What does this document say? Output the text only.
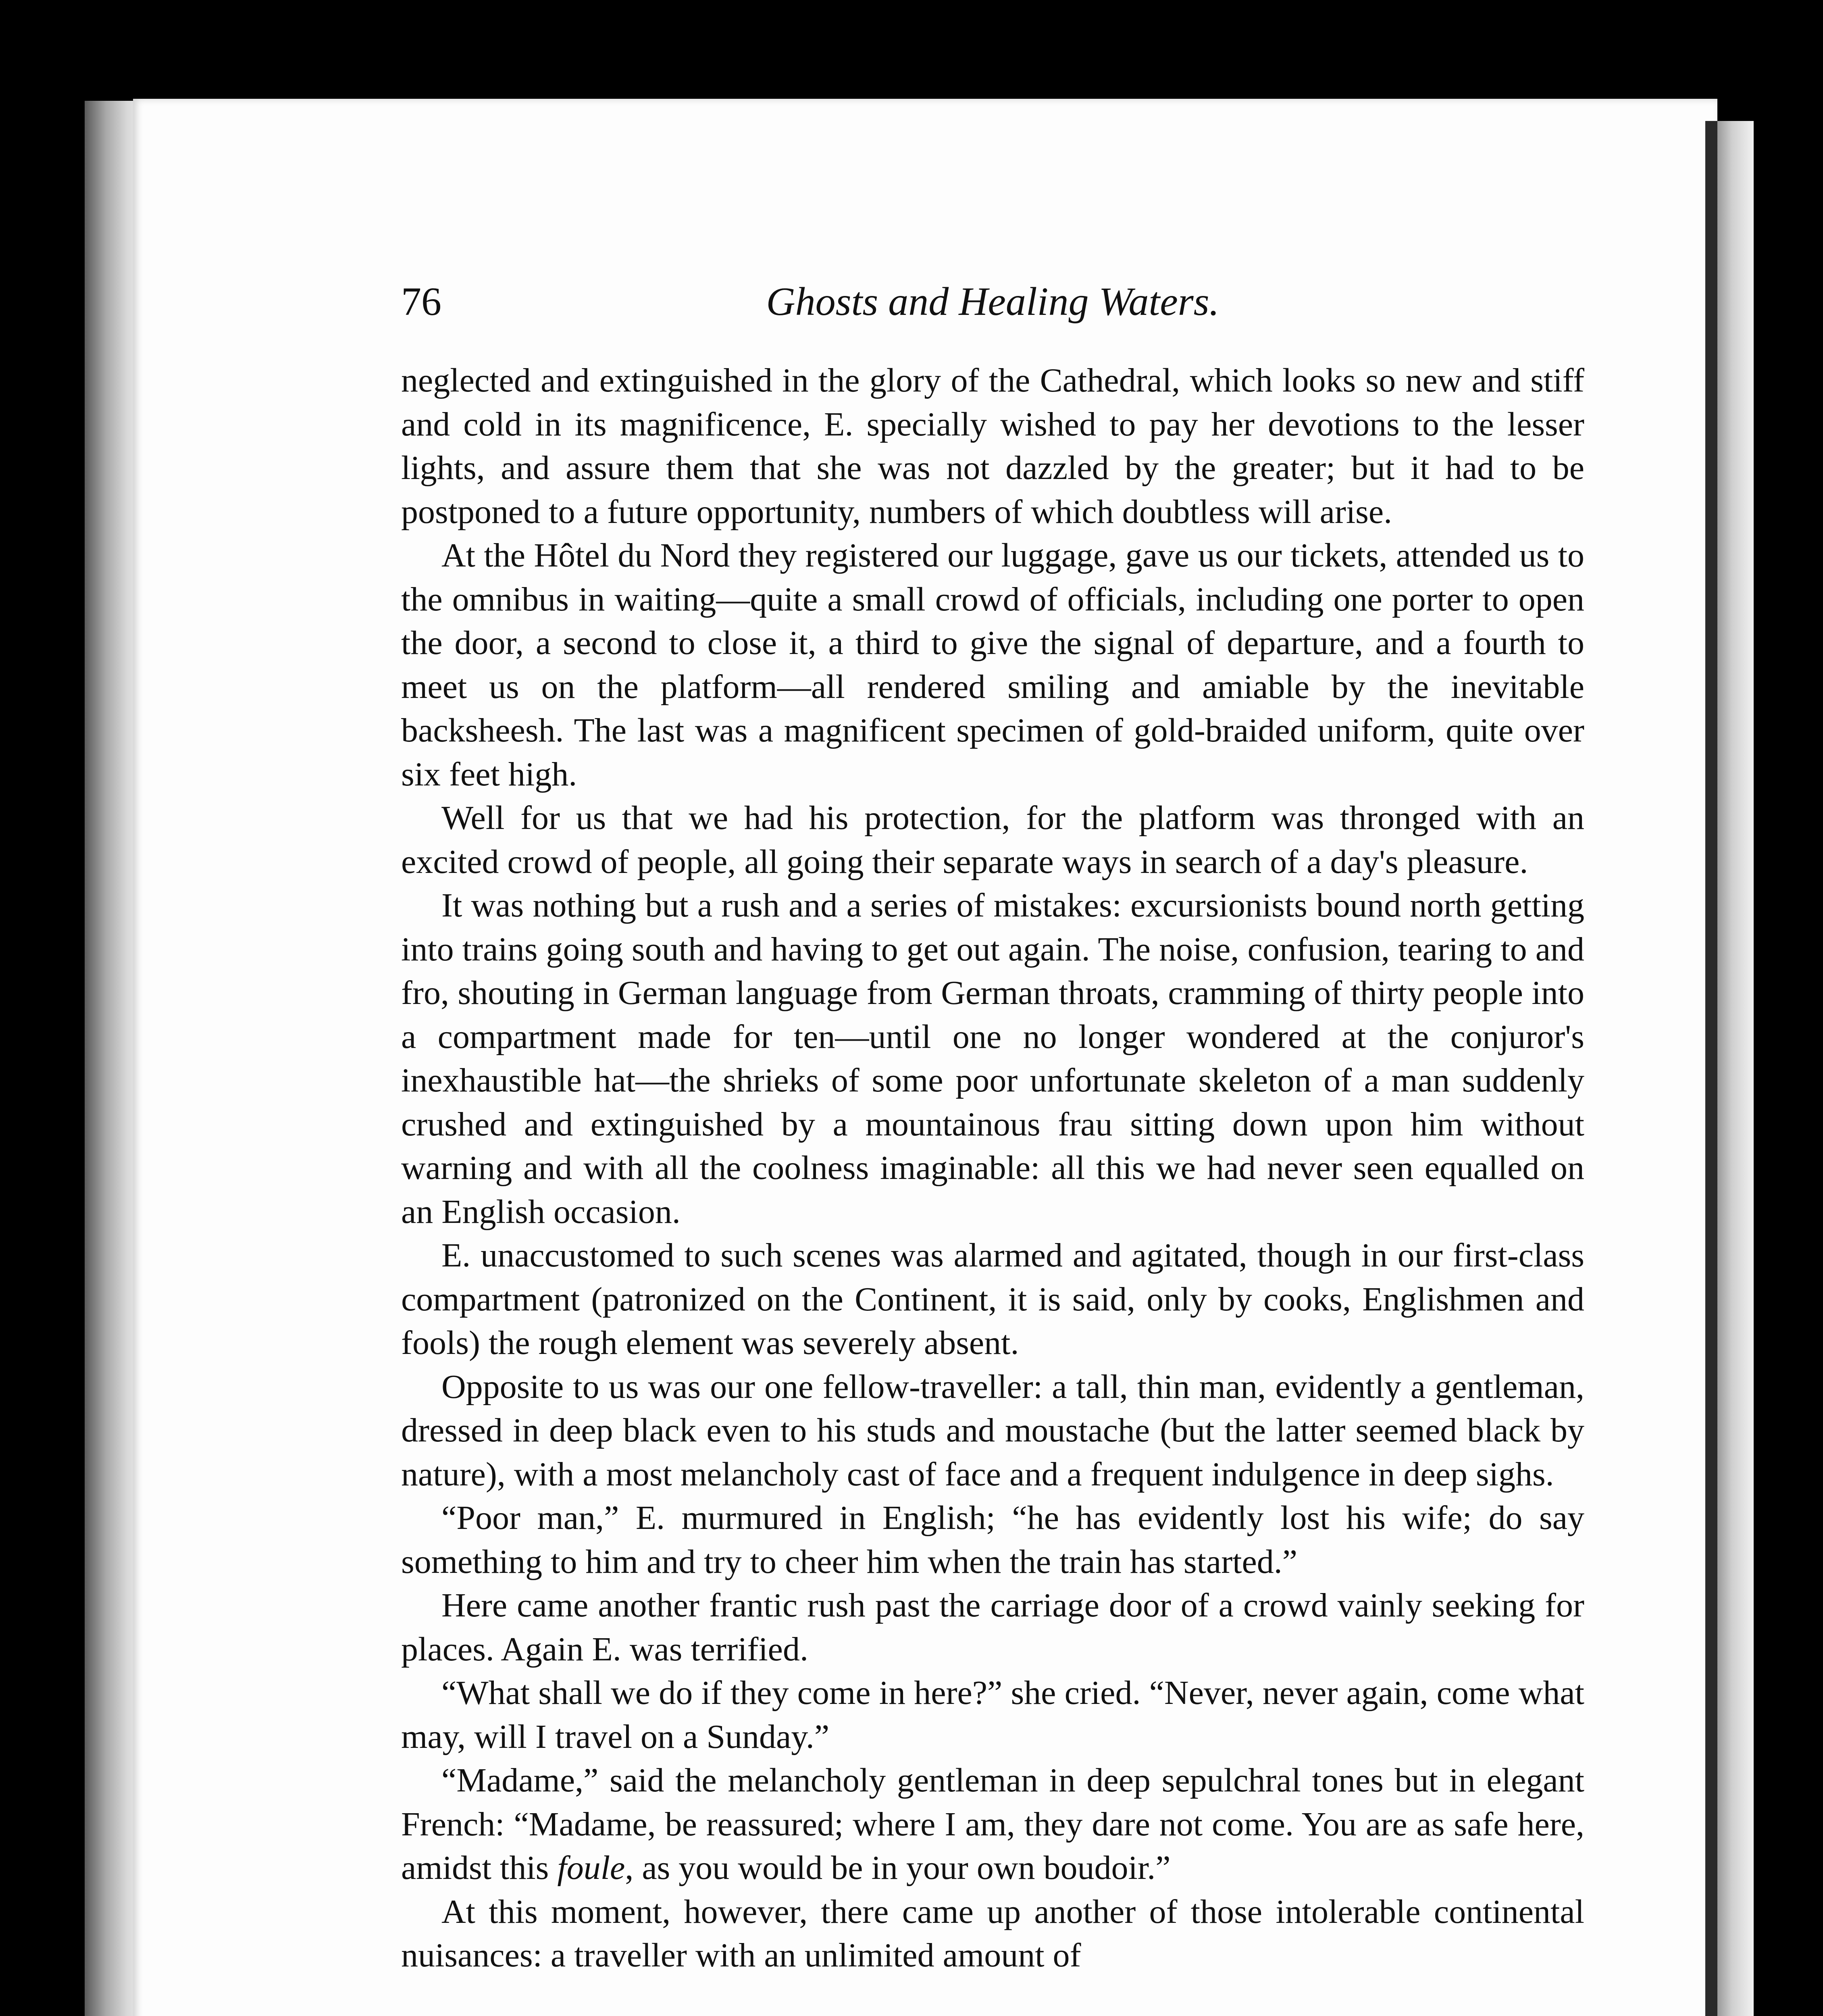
76	Ghosts and Healing Waters.

neglected and extinguished in the glory of the Cathedral, which looks so new and stiff and cold in its magnificence, E. specially wished to pay her devotions to the lesser lights, and assure them that she was not dazzled by the greater; but it had to be postponed to a future opportunity, numbers of which doubtless will arise.

At the Hôtel du Nord they registered our luggage, gave us our tickets, attended us to the omnibus in waiting—quite a small crowd of officials, including one porter to open the door, a second to close it, a third to give the signal of departure, and a fourth to meet us on the platform—all rendered smiling and amiable by the inevitable backsheesh. The last was a magnificent specimen of gold-braided uniform, quite over six feet high.

Well for us that we had his protection, for the platform was thronged with an excited crowd of people, all going their separate ways in search of a day's pleasure.

It was nothing but a rush and a series of mistakes: excursionists bound north getting into trains going south and having to get out again. The noise, confusion, tearing to and fro, shouting in German language from German throats, cramming of thirty people into a compartment made for ten—until one no longer wondered at the conjuror's inexhaustible hat—the shrieks of some poor unfortunate skeleton of a man suddenly crushed and extinguished by a mountainous frau sitting down upon him without warning and with all the coolness imaginable: all this we had never seen equalled on an English occasion.

E. unaccustomed to such scenes was alarmed and agitated, though in our first-class compartment (patronized on the Continent, it is said, only by cooks, Englishmen and fools) the rough element was severely absent.

Opposite to us was our one fellow-traveller: a tall, thin man, evidently a gentleman, dressed in deep black even to his studs and moustache (but the latter seemed black by nature), with a most melancholy cast of face and a frequent indulgence in deep sighs.

“Poor man,” E. murmured in English; “he has evidently lost his wife; do say something to him and try to cheer him when the train has started.”

Here came another frantic rush past the carriage door of a crowd vainly seeking for places. Again E. was terrified.

“What shall we do if they come in here?” she cried. “Never, never again, come what may, will I travel on a Sunday.”

“Madame,” said the melancholy gentleman in deep sepulchral tones but in elegant French: “Madame, be reassured; where I am, they dare not come. You are as safe here, amidst this foule, as you would be in your own boudoir.”

At this moment, however, there came up another of those intolerable continental nuisances: a traveller with an unlimited amount of
